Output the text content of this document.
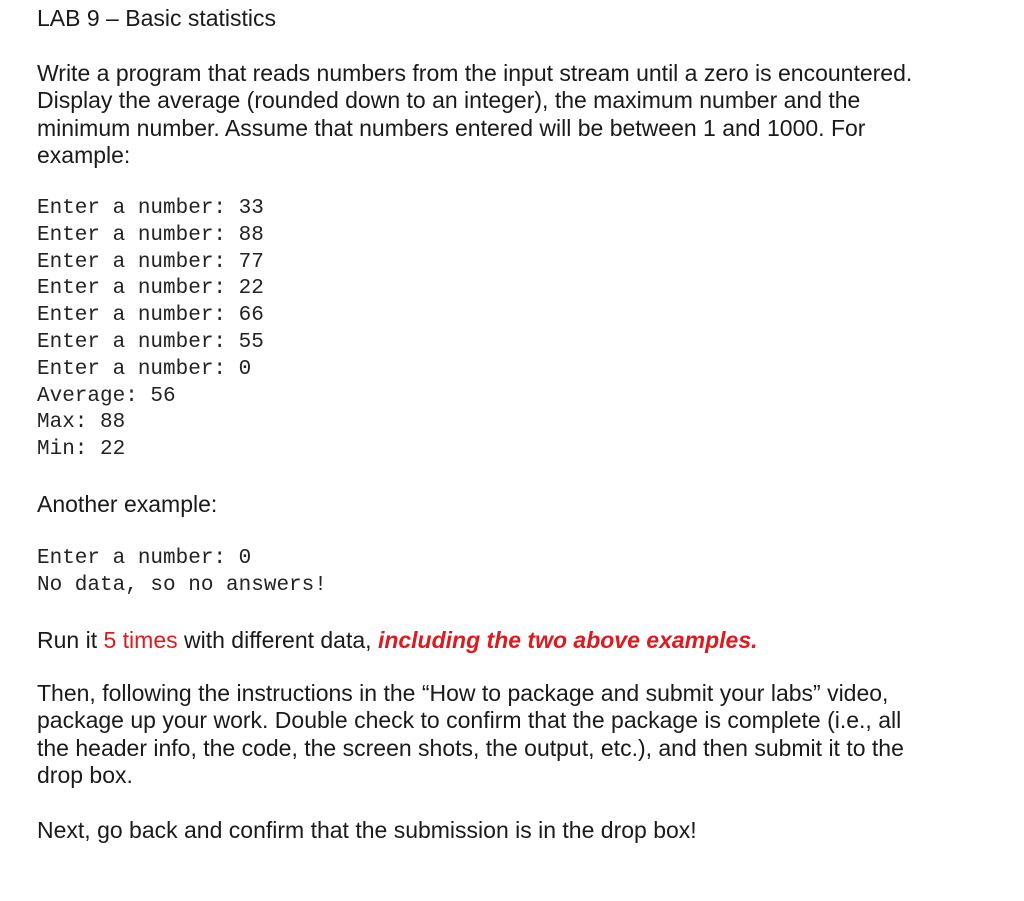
LAB 9 – Basic statistics
Write a program that reads numbers from the input stream until a zero is encountered.
Display the average (rounded down to an integer), the maximum number and the
minimum number. Assume that numbers entered will be between 1 and 1000. For
example:
Enter a number: 33
Enter a number: 88
Enter a number: 77
Enter a number: 22
Enter a number: 66
Enter a number: 55
Enter a number: 0
Average: 56
Max: 88
Min: 22
Another example:
Enter a number: 0
No data, so no answers!
Run it 5 times with different data, including the two above examples.
Then, following the instructions in the “How to package and submit your labs” video,
package up your work. Double check to confirm that the package is complete (i.e., all
the header info, the code, the screen shots, the output, etc.), and then submit it to the
drop box.
Next, go back and confirm that the submission is in the drop box!
